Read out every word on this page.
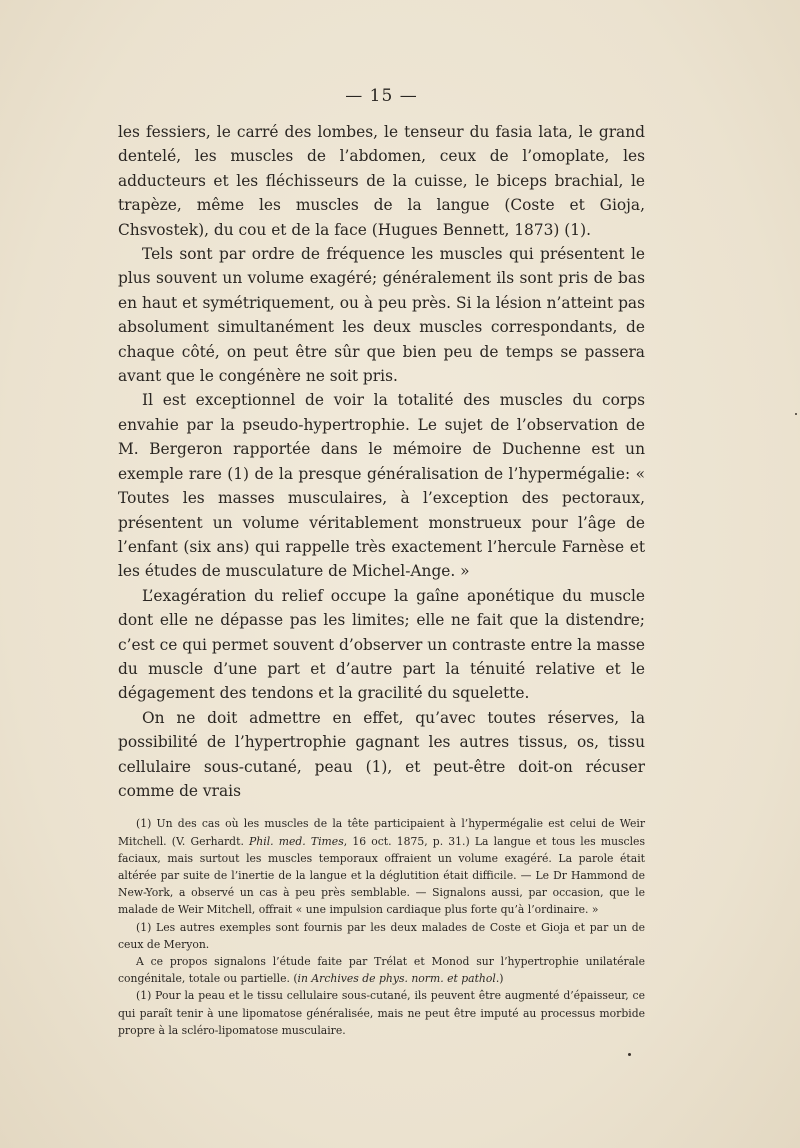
— 15 —

les fessiers, le carré des lombes, le tenseur du fasia lata, le grand dentelé, les muscles de l’abdomen, ceux de l’omoplate, les adducteurs et les fléchisseurs de la cuisse, le biceps brachial, le trapèze, même les muscles de la langue (Coste et Gioja, Chsvostek), du cou et de la face (Hugues Bennett, 1873) (1).

Tels sont par ordre de fréquence les muscles qui présentent le plus souvent un volume exagéré; généralement ils sont pris de bas en haut et symétriquement, ou à peu près. Si la lésion n’atteint pas absolument simultanément les deux muscles correspondants, de chaque côté, on peut être sûr que bien peu de temps se passera avant que le congénère ne soit pris.

Il est exceptionnel de voir la totalité des muscles du corps envahie par la pseudo-hypertrophie. Le sujet de l’observation de M. Bergeron rapportée dans le mémoire de Duchenne est un exemple rare (1) de la presque généralisation de l’hypermégalie: « Toutes les masses musculaires, à l’exception des pectoraux, présentent un volume véritablement monstrueux pour l’âge de l’enfant (six ans) qui rappelle très exactement l’hercule Farnèse et les études de musculature de Michel-Ange. »

L’exagération du relief occupe la gaîne aponétique du muscle dont elle ne dépasse pas les limites; elle ne fait que la distendre; c’est ce qui permet souvent d’observer un contraste entre la masse du muscle d’une part et d’autre part la ténuité relative et le dégagement des tendons et la gracilité du squelette.

On ne doit admettre en effet, qu’avec toutes réserves, la possibilité de l’hypertrophie gagnant les autres tissus, os, tissu cellulaire sous-cutané, peau (1), et peut-être doit-on récuser comme de vrais

(1) Un des cas où les muscles de la tête participaient à l’hypermégalie est celui de Weir Mitchell. (V. Gerhardt. Phil. med. Times, 16 oct. 1875, p. 31.) La langue et tous les muscles faciaux, mais surtout les muscles temporaux offraient un volume exagéré. La parole était altérée par suite de l’inertie de la langue et la déglutition était difficile. — Le Dr Hammond de New-York, a observé un cas à peu près semblable. — Signalons aussi, par occasion, que le malade de Weir Mitchell, offrait « une impulsion cardiaque plus forte qu’à l’ordinaire. »

(1) Les autres exemples sont fournis par les deux malades de Coste et Gioja et par un de ceux de Meryon.

A ce propos signalons l’étude faite par Trélat et Monod sur l’hypertrophie unilatérale congénitale, totale ou partielle. (in Archives de phys. norm. et pathol.)

(1) Pour la peau et le tissu cellulaire sous-cutané, ils peuvent être augmenté d’épaisseur, ce qui paraît tenir à une lipomatose généralisée, mais ne peut être imputé au processus morbide propre à la scléro-lipomatose musculaire.
